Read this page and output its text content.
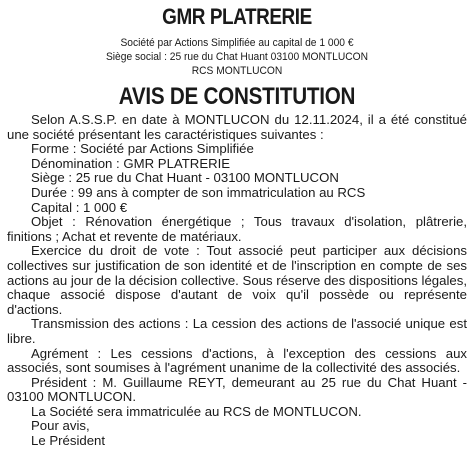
GMR PLATRERIE
Société par Actions Simplifiée au capital de 1 000 €
Siège social : 25 rue du Chat Huant 03100 MONTLUCON
RCS MONTLUCON
AVIS DE CONSTITUTION

Selon A.S.S.P. en date à MONTLUCON du 12.11.2024, il a été constitué une société présentant les caractéristiques suivantes :

Forme : Société par Actions Simplifiée

Dénomination : GMR PLATRERIE

Siège : 25 rue du Chat Huant - 03100 MONTLUCON

Durée : 99 ans à compter de son immatriculation au RCS

Capital : 1 000 €

Objet : Rénovation énergétique ; Tous travaux d'isolation, plâtrerie, finitions ; Achat et revente de matériaux.

Exercice du droit de vote : Tout associé peut participer aux décisions collectives sur justification de son identité et de l'inscription en compte de ses actions au jour de la décision collective. Sous réserve des dispositions légales, chaque associé dispose d'autant de voix qu'il possède ou représente d'actions.

Transmission des actions : La cession des actions de l'associé unique est libre.

Agrément : Les cessions d'actions, à l'exception des cessions aux associés, sont soumises à l'agrément unanime de la collectivité des associés.

Président : M. Guillaume REYT, demeurant au 25 rue du Chat Huant - 03100 MONTLUCON.

La Société sera immatriculée au RCS de MONTLUCON.

Pour avis,

Le Président
